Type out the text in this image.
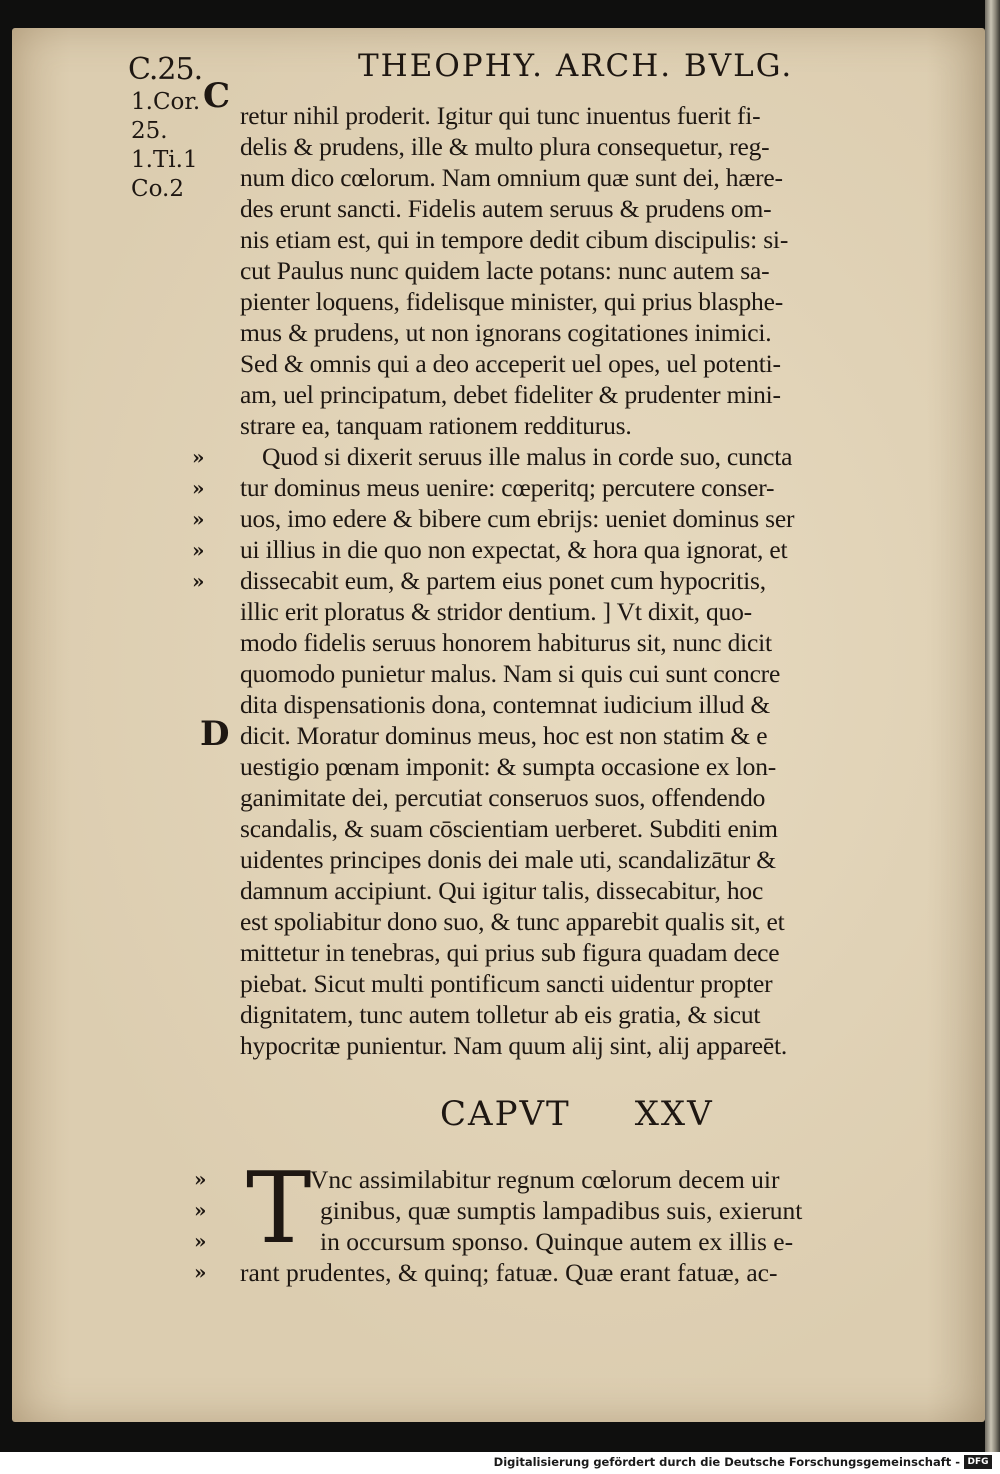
C.25.	THEOPHY. ARCH. BVLG.
1.Cor.
25.
1.Ti.1
Co.2
C
D
»
»
»
»
»
retur nihil proderit. Igitur qui tunc inuentus fuerit fi-
delis & prudens, ille & multo plura consequetur, reg-
num dico cœlorum. Nam omnium quæ sunt dei, hære-
des erunt sancti. Fidelis autem seruus & prudens om-
nis etiam est, qui in tempore dedit cibum discipulis: si-
cut Paulus nunc quidem lacte potans: nunc autem sa-
pienter loquens, fidelisque minister, qui prius blasphe-
mus & prudens, ut non ignorans cogitationes inimici.
Sed & omnis qui a deo acceperit uel opes, uel potenti-
am, uel principatum, debet fideliter & prudenter mini-
strare ea, tanquam rationem redditurus.
Quod si dixerit seruus ille malus in corde suo, cuncta
tur dominus meus uenire: cœperitq; percutere conser-
uos, imo edere & bibere cum ebrijs: ueniet dominus ser
ui illius in die quo non expectat, & hora qua ignorat, et
dissecabit eum, & partem eius ponet cum hypocritis,
illic erit ploratus & stridor dentium. ] Vt dixit, quo-
modo fidelis seruus honorem habiturus sit, nunc dicit
quomodo punietur malus. Nam si quis cui sunt concre
dita dispensationis dona, contemnat iudicium illud &
dicit. Moratur dominus meus, hoc est non statim & e
uestigio pœnam imponit: & sumpta occasione ex lon-
ganimitate dei, percutiat conseruos suos, offendendo
scandalis, & suam cōscientiam uerberet. Subditi enim
uidentes principes donis dei male uti, scandalizātur &
damnum accipiunt. Qui igitur talis, dissecabitur, hoc
est spoliabitur dono suo, & tunc apparebit qualis sit, et
mittetur in tenebras, qui prius sub figura quadam dece
piebat. Sicut multi pontificum sancti uidentur propter
dignitatem, tunc autem tolletur ab eis gratia, & sicut
hypocritæ punientur. Nam quum alij sint, alij appareēt.
CAPVT     XXV
»
»
»
»
T
Vnc assimilabitur regnum cœlorum decem uir
ginibus, quæ sumptis lampadibus suis, exierunt
in occursum sponso. Quinque autem ex illis e-
rant prudentes, & quinq; fatuæ. Quæ erant fatuæ, ac-
Digitalisierung gefördert durch die Deutsche Forschungsgemeinschaft - DFG
